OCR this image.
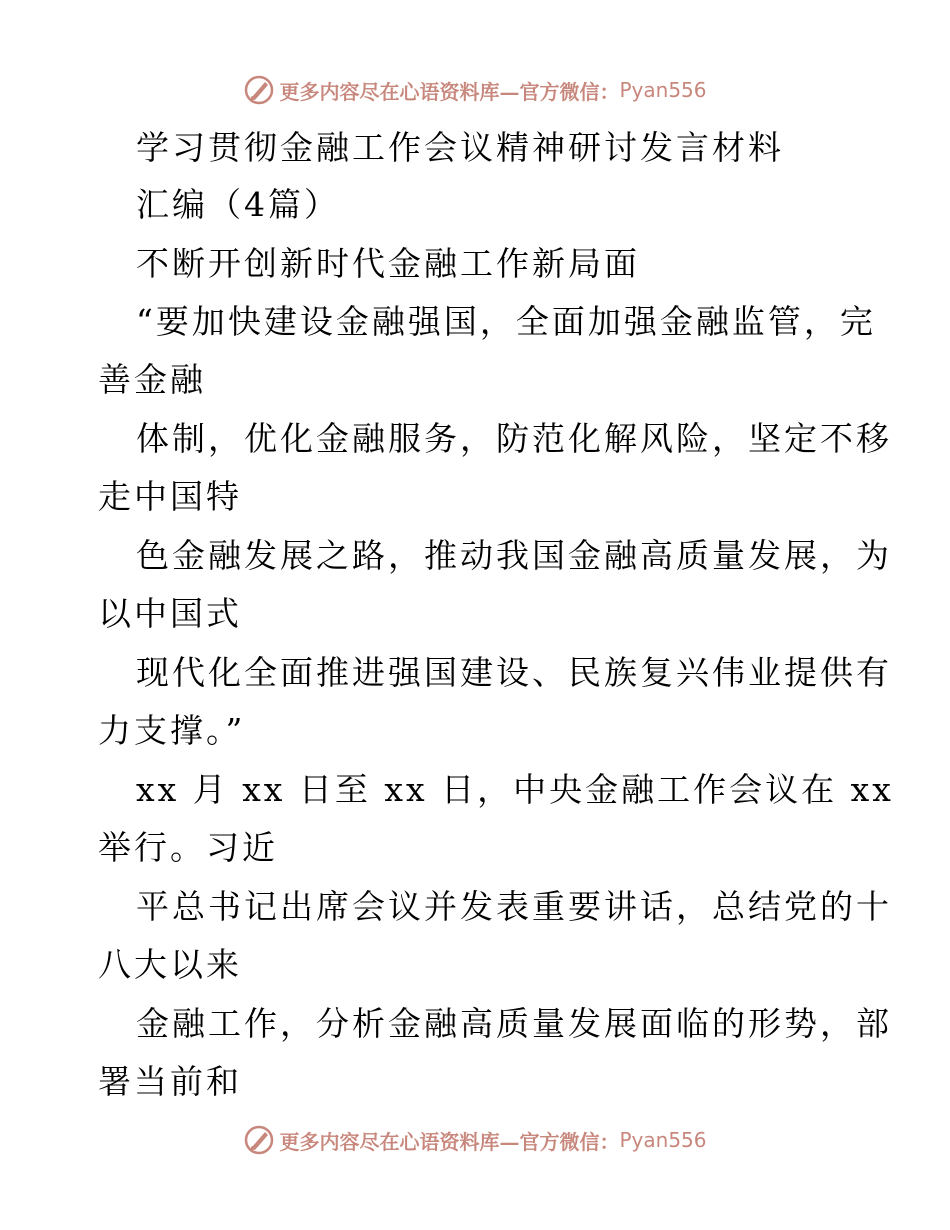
更多内容尽在心语资料库—官方微信： Pyan556
学习贯彻金融工作会议精神研讨发言材料
汇编（4篇）
不断开创新时代金融工作新局面
“要加快建设金融强国，全面加强金融监管，完
善金融
体制，优化金融服务，防范化解风险，坚定不移
走中国特
色金融发展之路，推动我国金融高质量发展，为
以中国式
现代化全面推进强国建设、民族复兴伟业提供有
力支撑。”
xx 月 xx 日至 xx 日，中央金融工作会议在 xx
举行。习近
平总书记出席会议并发表重要讲话，总结党的十
八大以来
金融工作，分析金融高质量发展面临的形势，部
署当前和
更多内容尽在心语资料库—官方微信： Pyan556
